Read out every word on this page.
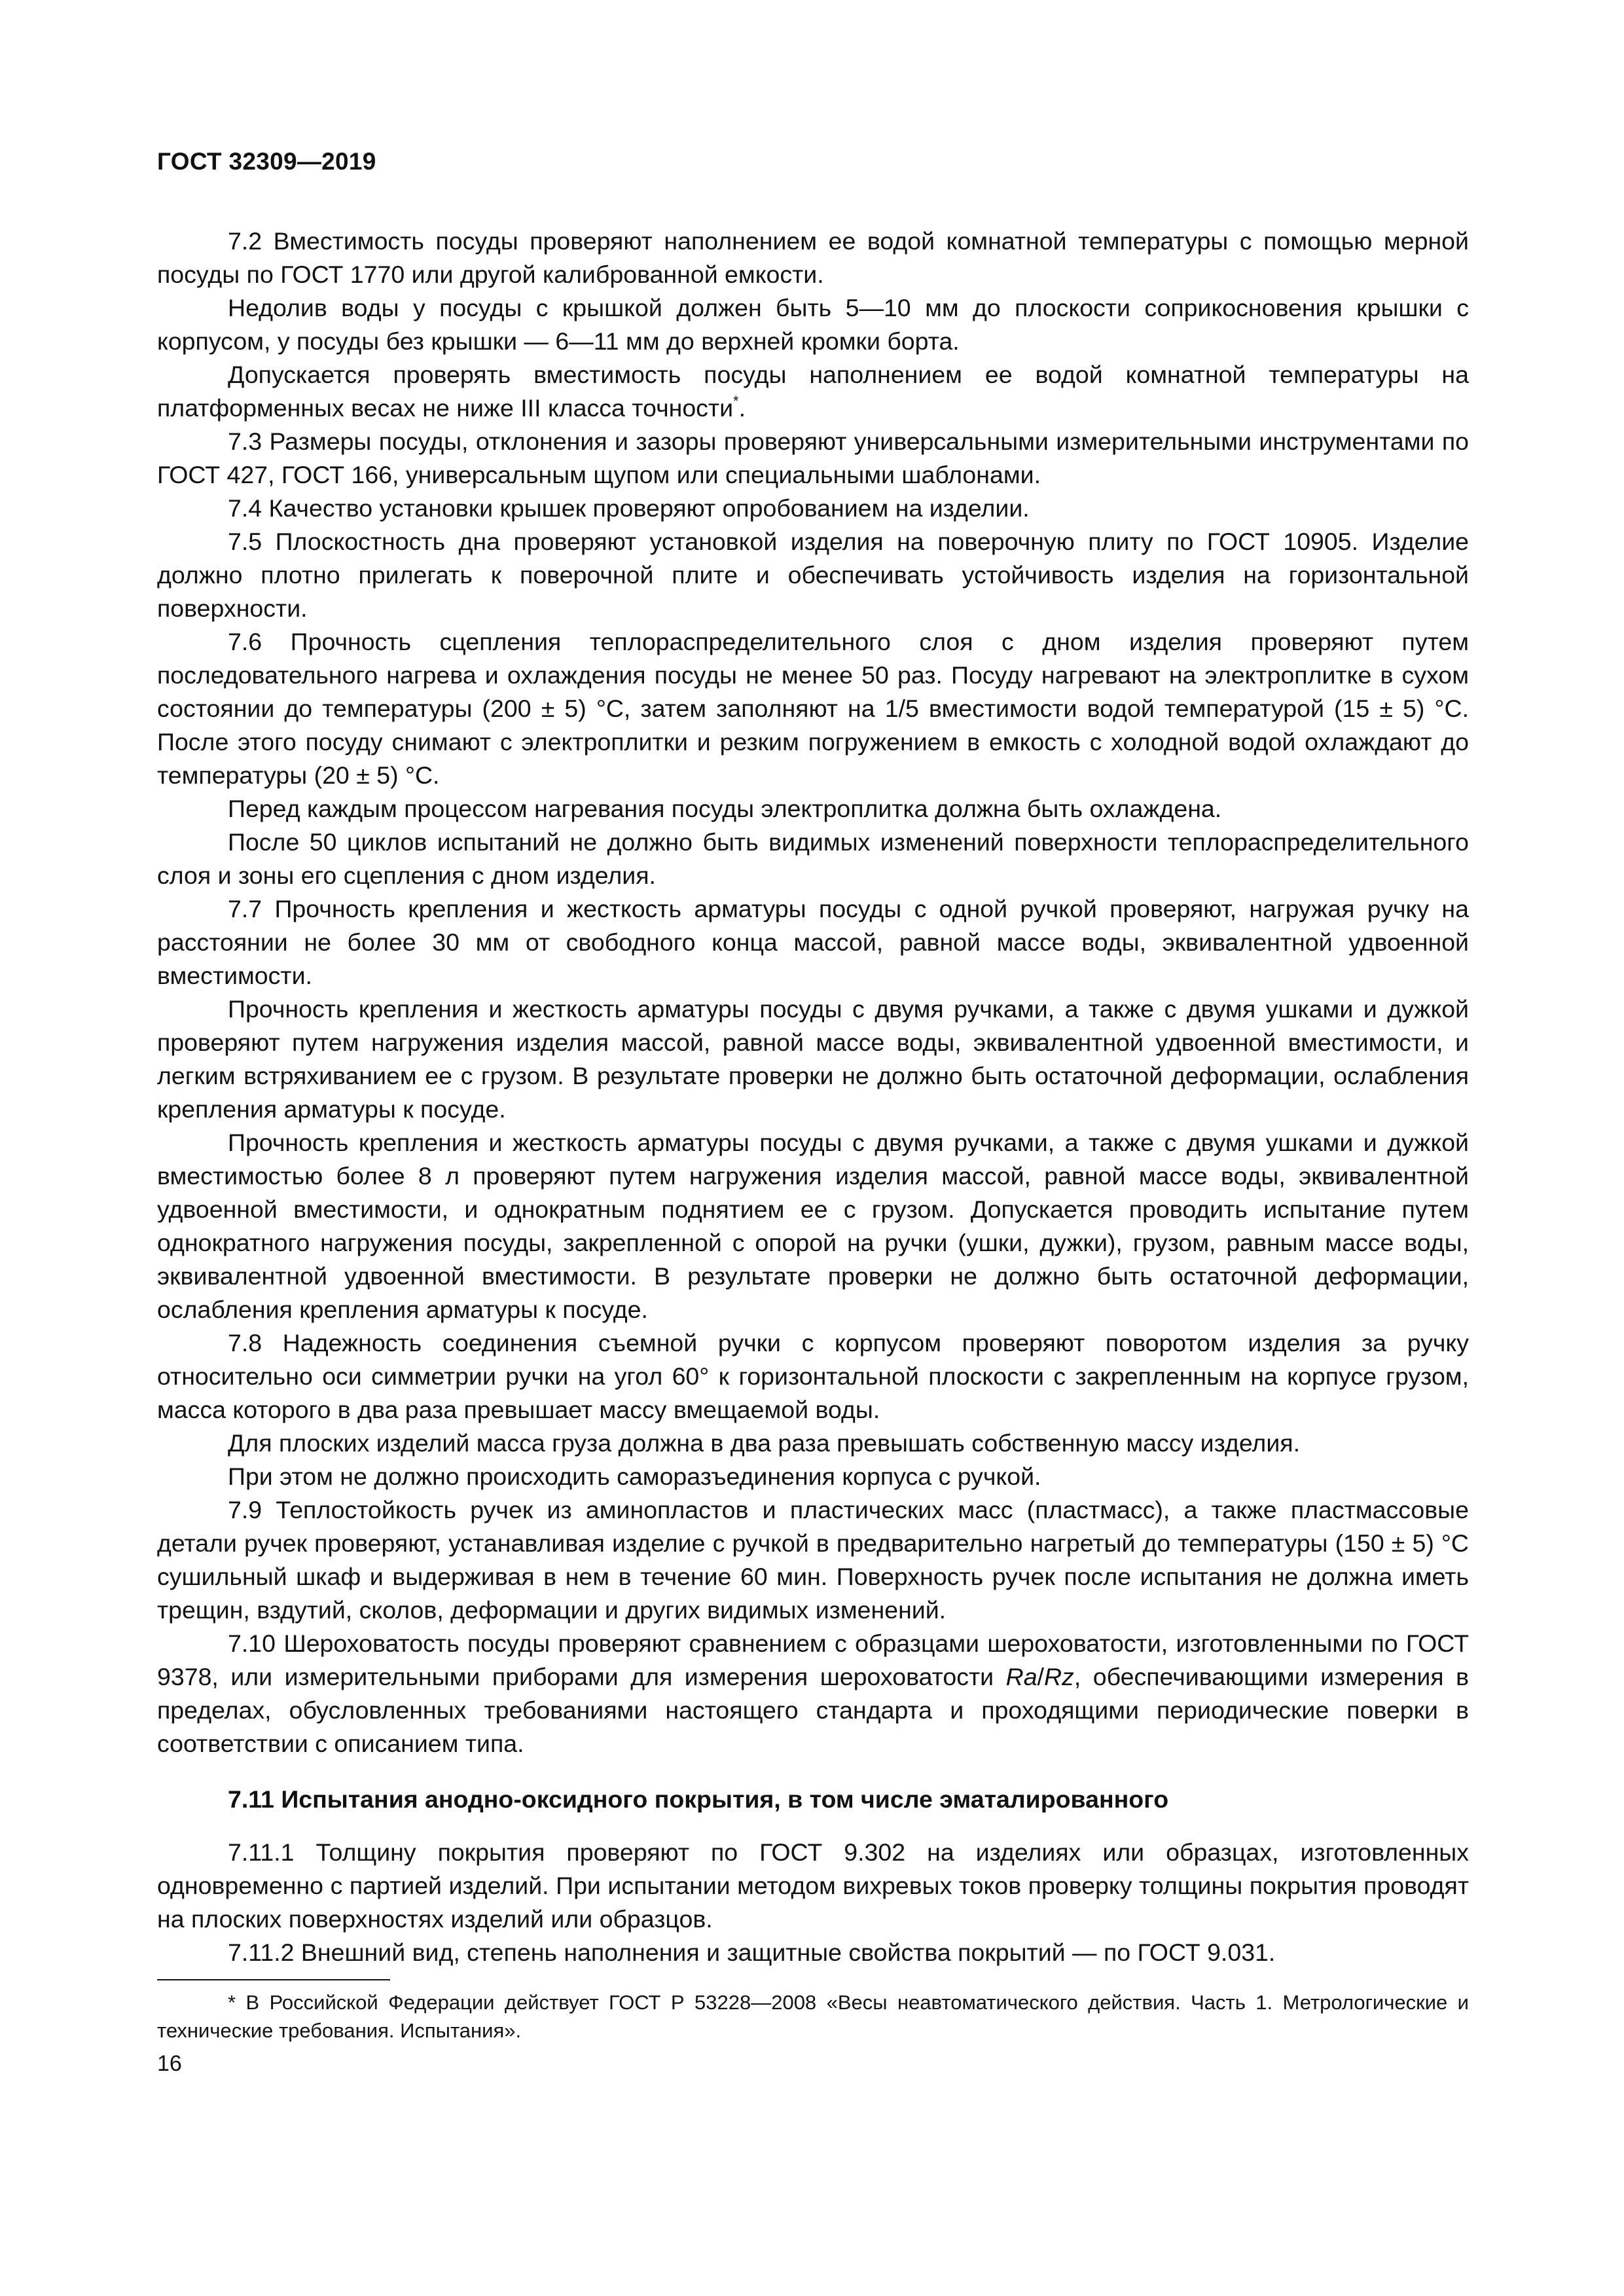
ГОСТ 32309—2019

7.2 Вместимость посуды проверяют наполнением ее водой комнатной температуры с помощью мерной посуды по ГОСТ 1770 или другой калиброванной емкости.

Недолив воды у посуды с крышкой должен быть 5—10 мм до плоскости соприкосновения крышки с корпусом, у посуды без крышки — 6—11 мм до верхней кромки борта.

Допускается проверять вместимость посуды наполнением ее водой комнатной температуры на платформенных весах не ниже III класса точности*.

7.3 Размеры посуды, отклонения и зазоры проверяют универсальными измерительными инструментами по ГОСТ 427, ГОСТ 166, универсальным щупом или специальными шаблонами.

7.4 Качество установки крышек проверяют опробованием на изделии.

7.5 Плоскостность дна проверяют установкой изделия на поверочную плиту по ГОСТ 10905. Изделие должно плотно прилегать к поверочной плите и обеспечивать устойчивость изделия на горизонтальной поверхности.

7.6 Прочность сцепления теплораспределительного слоя с дном изделия проверяют путем последовательного нагрева и охлаждения посуды не менее 50 раз. Посуду нагревают на электроплитке в сухом состоянии до температуры (200 ± 5) °С, затем заполняют на 1/5 вместимости водой температурой (15 ± 5) °С. После этого посуду снимают с электроплитки и резким погружением в емкость с холодной водой охлаждают до температуры (20 ± 5) °С.

Перед каждым процессом нагревания посуды электроплитка должна быть охлаждена.

После 50 циклов испытаний не должно быть видимых изменений поверхности теплораспределительного слоя и зоны его сцепления с дном изделия.

7.7 Прочность крепления и жесткость арматуры посуды с одной ручкой проверяют, нагружая ручку на расстоянии не более 30 мм от свободного конца массой, равной массе воды, эквивалентной удвоенной вместимости.

Прочность крепления и жесткость арматуры посуды с двумя ручками, а также с двумя ушками и дужкой проверяют путем нагружения изделия массой, равной массе воды, эквивалентной удвоенной вместимости, и легким встряхиванием ее с грузом. В результате проверки не должно быть остаточной деформации, ослабления крепления арматуры к посуде.

Прочность крепления и жесткость арматуры посуды с двумя ручками, а также с двумя ушками и дужкой вместимостью более 8 л проверяют путем нагружения изделия массой, равной массе воды, эквивалентной удвоенной вместимости, и однократным поднятием ее с грузом. Допускается проводить испытание путем однократного нагружения посуды, закрепленной с опорой на ручки (ушки, дужки), грузом, равным массе воды, эквивалентной удвоенной вместимости. В результате проверки не должно быть остаточной деформации, ослабления крепления арматуры к посуде.

7.8 Надежность соединения съемной ручки с корпусом проверяют поворотом изделия за ручку относительно оси симметрии ручки на угол 60° к горизонтальной плоскости с закрепленным на корпусе грузом, масса которого в два раза превышает массу вмещаемой воды.

Для плоских изделий масса груза должна в два раза превышать собственную массу изделия.

При этом не должно происходить саморазъединения корпуса с ручкой.

7.9 Теплостойкость ручек из аминопластов и пластических масс (пластмасс), а также пластмассовые детали ручек проверяют, устанавливая изделие с ручкой в предварительно нагретый до температуры (150 ± 5) °С сушильный шкаф и выдерживая в нем в течение 60 мин. Поверхность ручек после испытания не должна иметь трещин, вздутий, сколов, деформации и других видимых изменений.

7.10 Шероховатость посуды проверяют сравнением с образцами шероховатости, изготовленными по ГОСТ 9378, или измерительными приборами для измерения шероховатости Ra/Rz, обеспечивающими измерения в пределах, обусловленных требованиями настоящего стандарта и проходящими периодические поверки в соответствии с описанием типа.

7.11 Испытания анодно-оксидного покрытия, в том числе эматалированного

7.11.1 Толщину покрытия проверяют по ГОСТ 9.302 на изделиях или образцах, изготовленных одновременно с партией изделий. При испытании методом вихревых токов проверку толщины покрытия проводят на плоских поверхностях изделий или образцов.

7.11.2 Внешний вид, степень наполнения и защитные свойства покрытий — по ГОСТ 9.031.

* В Российской Федерации действует ГОСТ Р 53228—2008 «Весы неавтоматического действия. Часть 1. Метрологические и технические требования. Испытания».

16
